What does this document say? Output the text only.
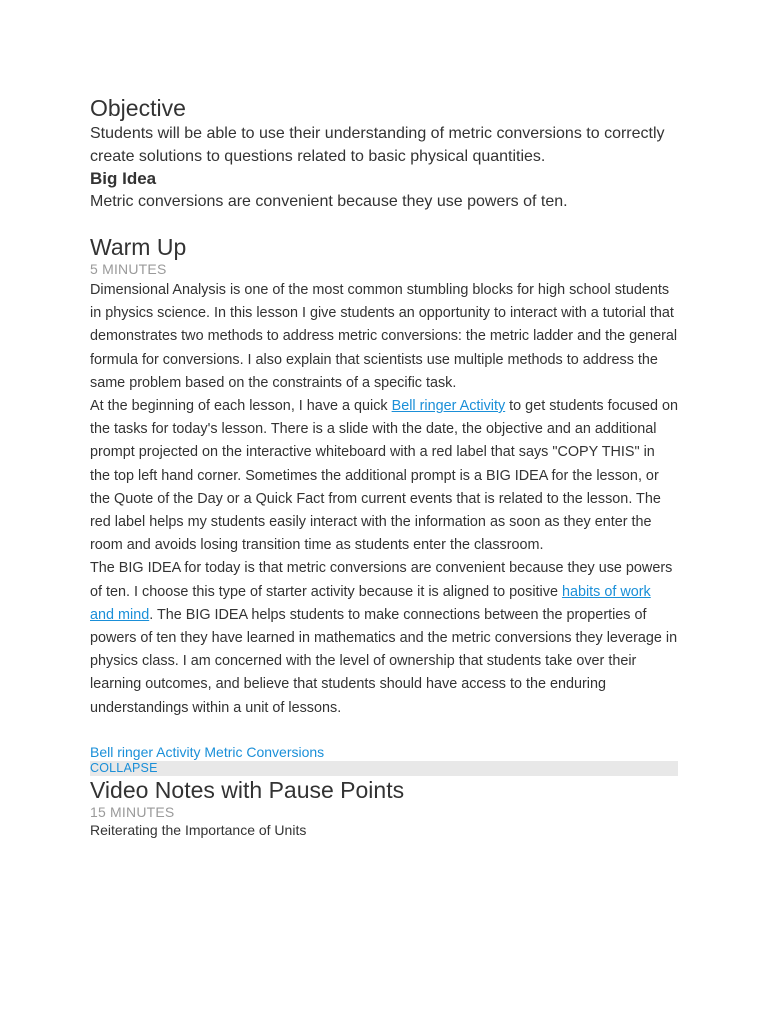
Objective

Students will be able to use their understanding of metric conversions to correctly create solutions to questions related to basic physical quantities.

Big Idea

Metric conversions are convenient because they use powers of ten.

Warm Up

5 MINUTES

Dimensional Analysis is one of the most common stumbling blocks for high school students in physics science. In this lesson I give students an opportunity to interact with a tutorial that demonstrates two methods to address metric conversions: the metric ladder and the general formula for conversions. I also explain that scientists use multiple methods to address the same problem based on the constraints of a specific task.

At the beginning of each lesson, I have a quick Bell ringer Activity to get students focused on the tasks for today's lesson. There is a slide with the date, the objective and an additional prompt projected on the interactive whiteboard with a red label that says "COPY THIS" in the top left hand corner. Sometimes the additional prompt is a BIG IDEA for the lesson, or the Quote of the Day or a Quick Fact from current events that is related to the lesson. The red label helps my students easily interact with the information as soon as they enter the room and avoids losing transition time as students enter the classroom.

The BIG IDEA for today is that metric conversions are convenient because they use powers of ten. I choose this type of starter activity because it is aligned to positive habits of work and mind. The BIG IDEA helps students to make connections between the properties of powers of ten they have learned in mathematics and the metric conversions they leverage in physics class. I am concerned with the level of ownership that students take over their learning outcomes, and believe that students should have access to the enduring understandings within a unit of lessons.

Bell ringer Activity Metric Conversions
COLLAPSE
Video Notes with Pause Points

15 MINUTES

Reiterating the Importance of Units
